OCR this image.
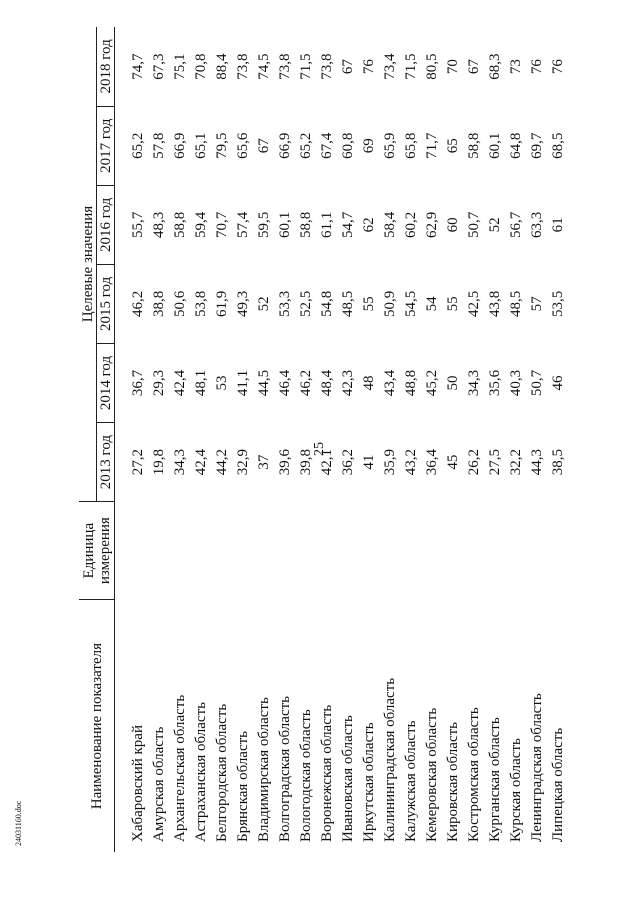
25
24031160.doc
Наименование показателя	Единица измерения	Целевые значения					
		2013 год	2014 год	2015 год	2016 год	2017 год	2018 год
Хабаровский край		27,2	36,7	46,2	55,7	65,2	74,7
Амурская область		19,8	29,3	38,8	48,3	57,8	67,3
Архангельская область		34,3	42,4	50,6	58,8	66,9	75,1
Астраханская область		42,4	48,1	53,8	59,4	65,1	70,8
Белгородская область		44,2	53	61,9	70,7	79,5	88,4
Брянская область		32,9	41,1	49,3	57,4	65,6	73,8
Владимирская область		37	44,5	52	59,5	67	74,5
Волгоградская область		39,6	46,4	53,3	60,1	66,9	73,8
Вологодская область		39,8	46,2	52,5	58,8	65,2	71,5
Воронежская область		42,1	48,4	54,8	61,1	67,4	73,8
Ивановская область		36,2	42,3	48,5	54,7	60,8	67
Иркутская область		41	48	55	62	69	76
Калининградская область		35,9	43,4	50,9	58,4	65,9	73,4
Калужская область		43,2	48,8	54,5	60,2	65,8	71,5
Кемеровская область		36,4	45,2	54	62,9	71,7	80,5
Кировская область		45	50	55	60	65	70
Костромская область		26,2	34,3	42,5	50,7	58,8	67
Курганская область		27,5	35,6	43,8	52	60,1	68,3
Курская область		32,2	40,3	48,5	56,7	64,8	73
Ленинградская область		44,3	50,7	57	63,3	69,7	76
Липецкая область		38,5	46	53,5	61	68,5	76
